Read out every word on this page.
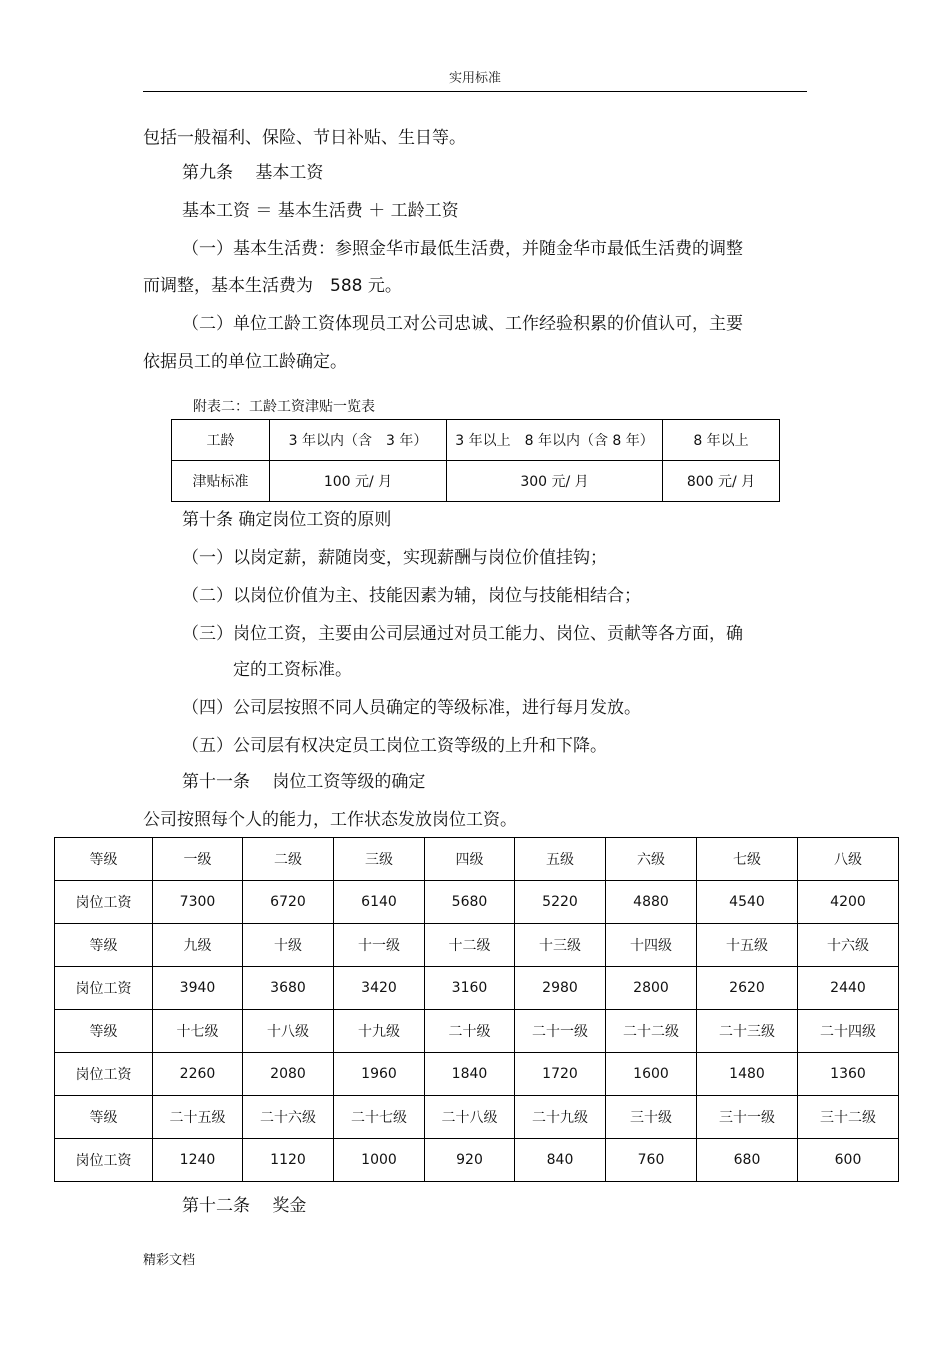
实用标准
包括一般福利、保险、节日补贴、生日等。
第九条　 基本工资
基本工资 ＝ 基本生活费 ＋ 工龄工资
（一）基本生活费：参照金华市最低生活费，并随金华市最低生活费的调整
而调整，基本生活费为　588 元。
（二）单位工龄工资体现员工对公司忠诚、工作经验积累的价值认可，主要
依据员工的单位工龄确定。
附表二：工龄工资津贴一览表
工龄	3 年以内（含　3 年）	3 年以上　8 年以内（含 8 年）	8 年以上
津贴标准	100 元/ 月	300 元/ 月	800 元/ 月
第十条 确定岗位工资的原则
（一）以岗定薪，薪随岗变，实现薪酬与岗位价值挂钩；
（二）以岗位价值为主、技能因素为辅，岗位与技能相结合；
（三）岗位工资，主要由公司层通过对员工能力、岗位、贡献等各方面，确
定的工资标准。
（四）公司层按照不同人员确定的等级标准，进行每月发放。
（五）公司层有权决定员工岗位工资等级的上升和下降。
第十一条　 岗位工资等级的确定
公司按照每个人的能力，工作状态发放岗位工资。
等级	一级	二级	三级	四级	五级	六级	七级	八级
岗位工资	7300	6720	6140	5680	5220	4880	4540	4200
等级	九级	十级	十一级	十二级	十三级	十四级	十五级	十六级
岗位工资	3940	3680	3420	3160	2980	2800	2620	2440
等级	十七级	十八级	十九级	二十级	二十一级	二十二级	二十三级	二十四级
岗位工资	2260	2080	1960	1840	1720	1600	1480	1360
等级	二十五级	二十六级	二十七级	二十八级	二十九级	三十级	三十一级	三十二级
岗位工资	1240	1120	1000	920	840	760	680	600
第十二条　 奖金
精彩文档
